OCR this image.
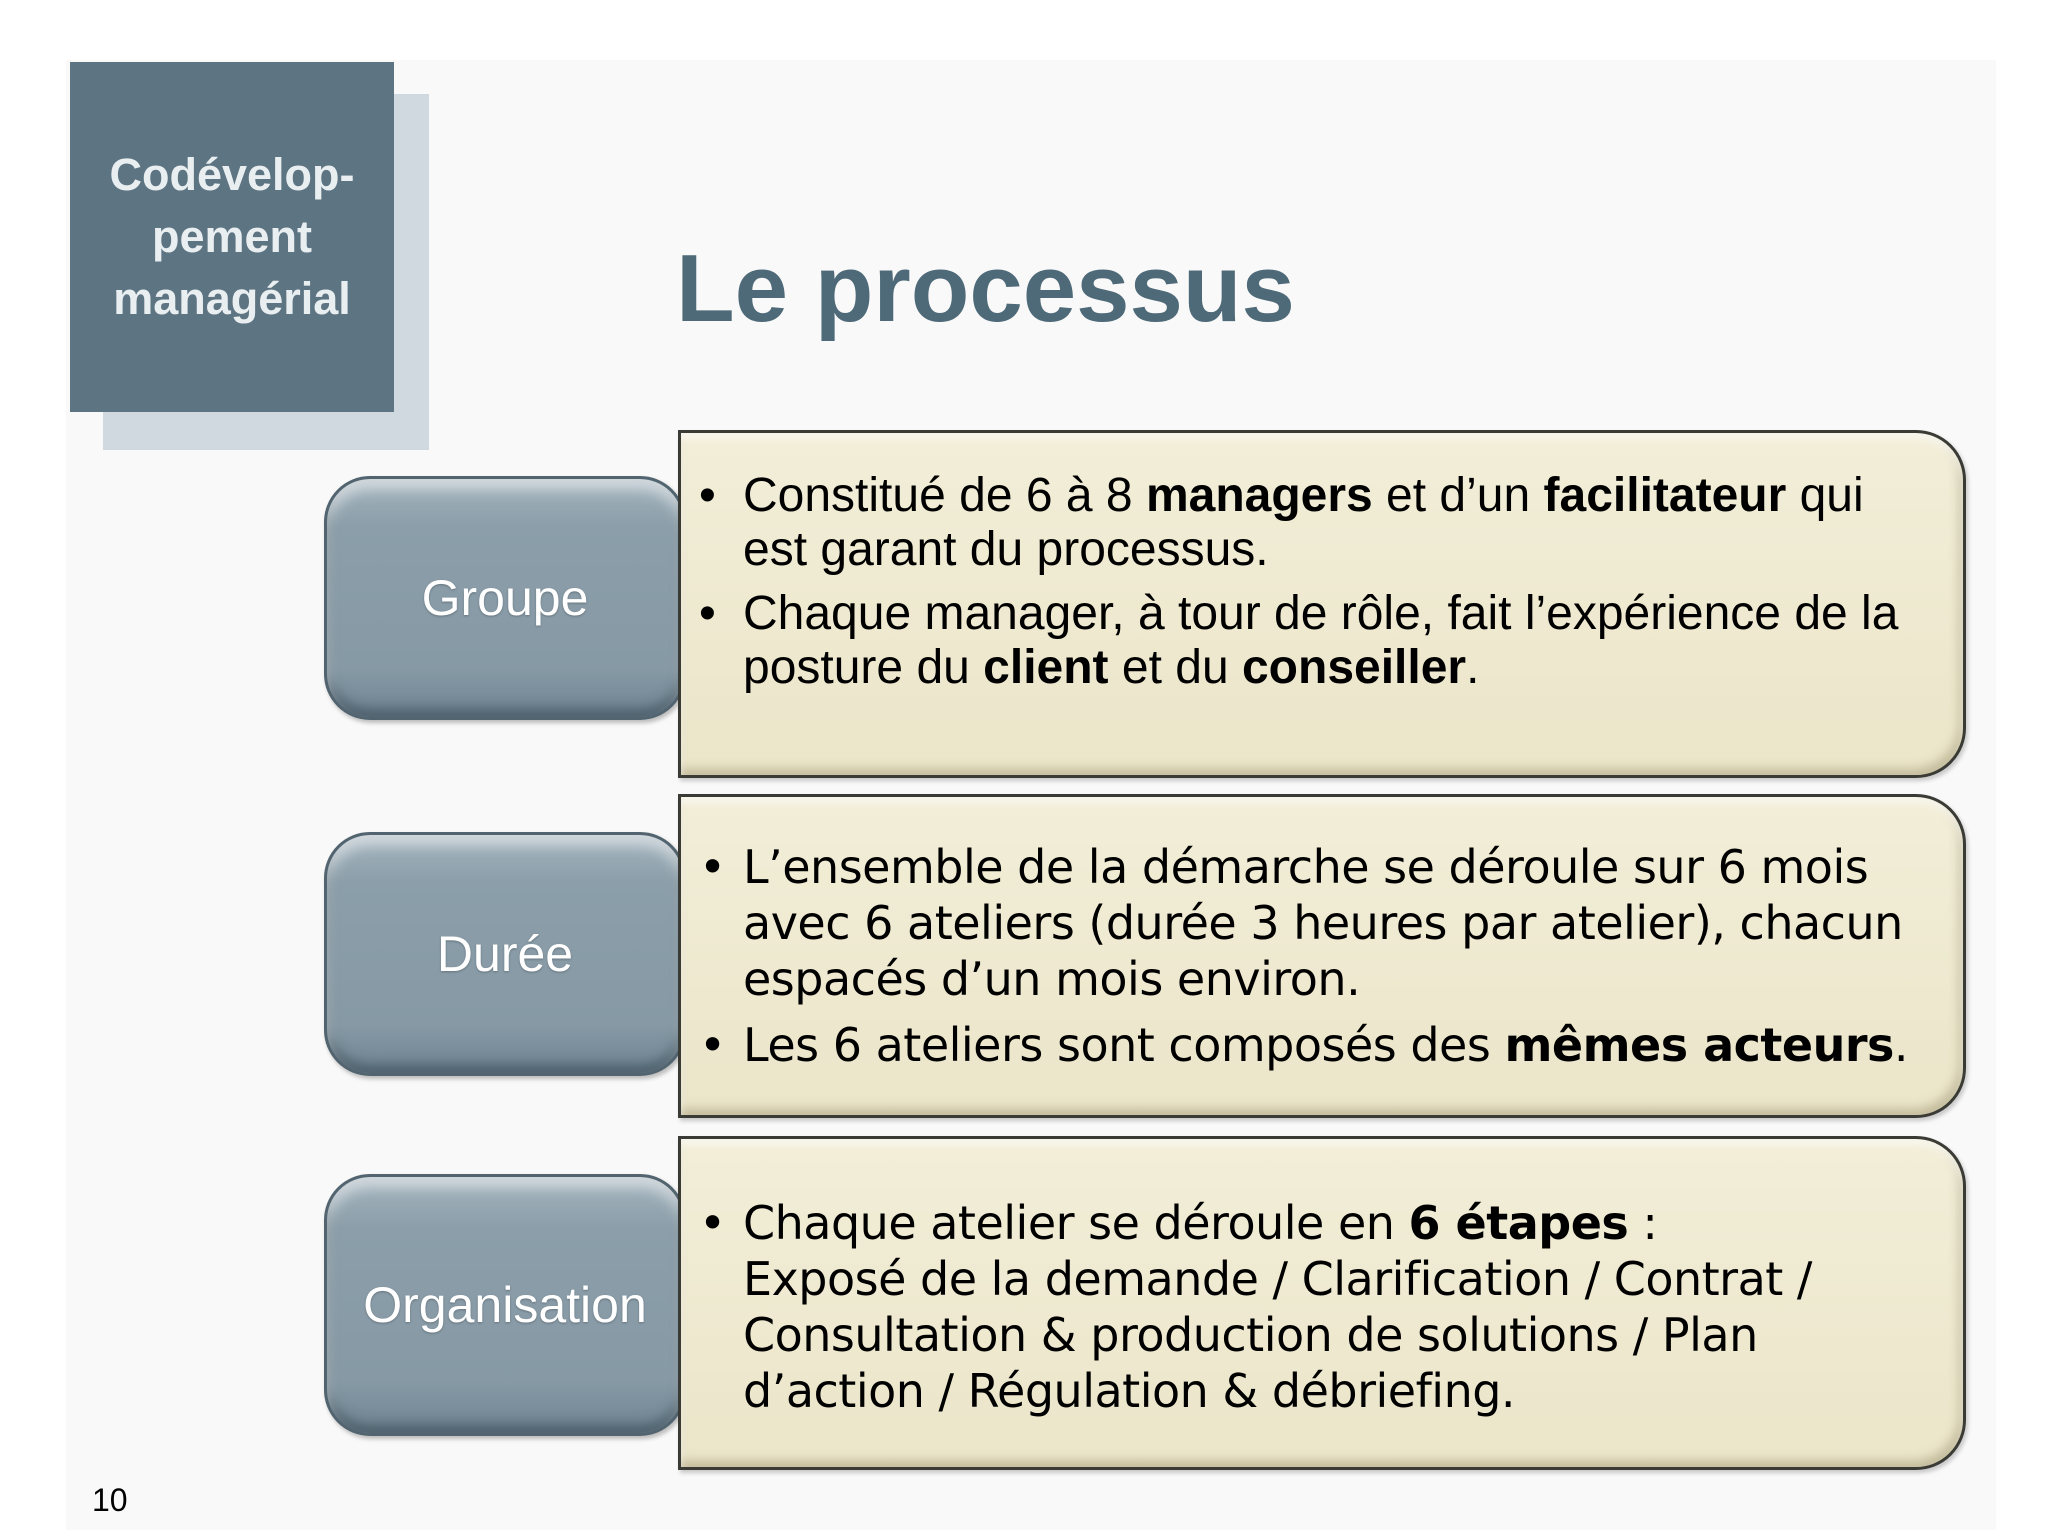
Codévelop-
pement
managérial	Le processus
Groupe
• Constitué de 6 à 8 managers et d’un facilitateur qui est garant du processus.
• Chaque manager, à tour de rôle, fait l’expérience de la posture du client et du conseiller.
Durée
• L’ensemble de la démarche se déroule sur 6 mois avec 6 ateliers (durée 3 heures par atelier), chacun espacés d’un mois environ.
• Les 6 ateliers sont composés des mêmes acteurs.
Organisation
• Chaque atelier se déroule en 6 étapes :
Exposé de la demande / Clarification / Contrat / Consultation & production de solutions / Plan d’action / Régulation & débriefing.
10
